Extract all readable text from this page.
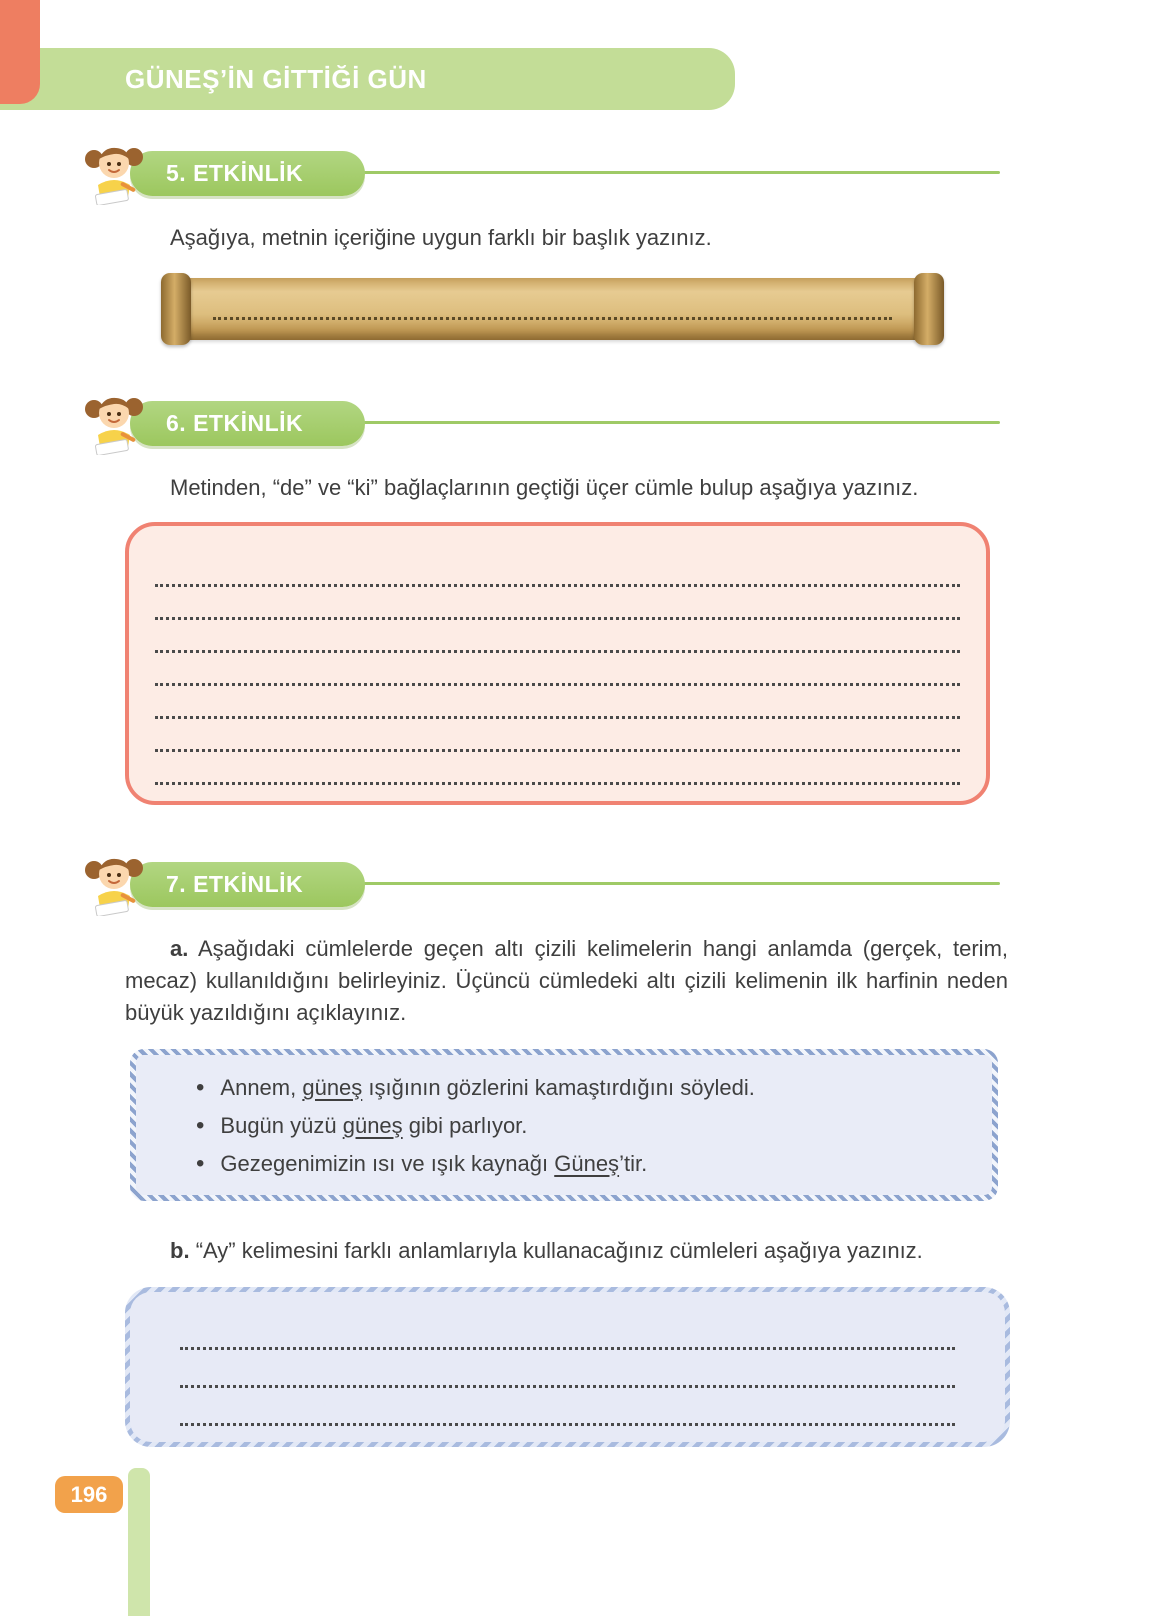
GÜNEŞ’İN GİTTİĞİ GÜN
5. ETKİNLİK

Aşağıya, metnin içeriğine uygun farklı bir başlık yazınız.

6. ETKİNLİK

Metinden, “de” ve “ki” bağlaçlarının geçtiği üçer cümle bulup aşağıya yazınız.

7. ETKİNLİK

a. Aşağıdaki cümlelerde geçen altı çizili kelimelerin hangi anlamda (gerçek, terim, mecaz) kullanıldığını belirleyiniz. Üçüncü cümledeki altı çizili kelimenin ilk harfinin neden büyük yazıldığını açıklayınız.

• Annem, güneş ışığının gözlerini kamaştırdığını söyledi.
• Bugün yüzü güneş gibi parlıyor.
• Gezegenimizin ısı ve ışık kaynağı Güneş’tir.

b. “Ay” kelimesini farklı anlamlarıyla kullanacağınız cümleleri aşağıya yazınız.

196
